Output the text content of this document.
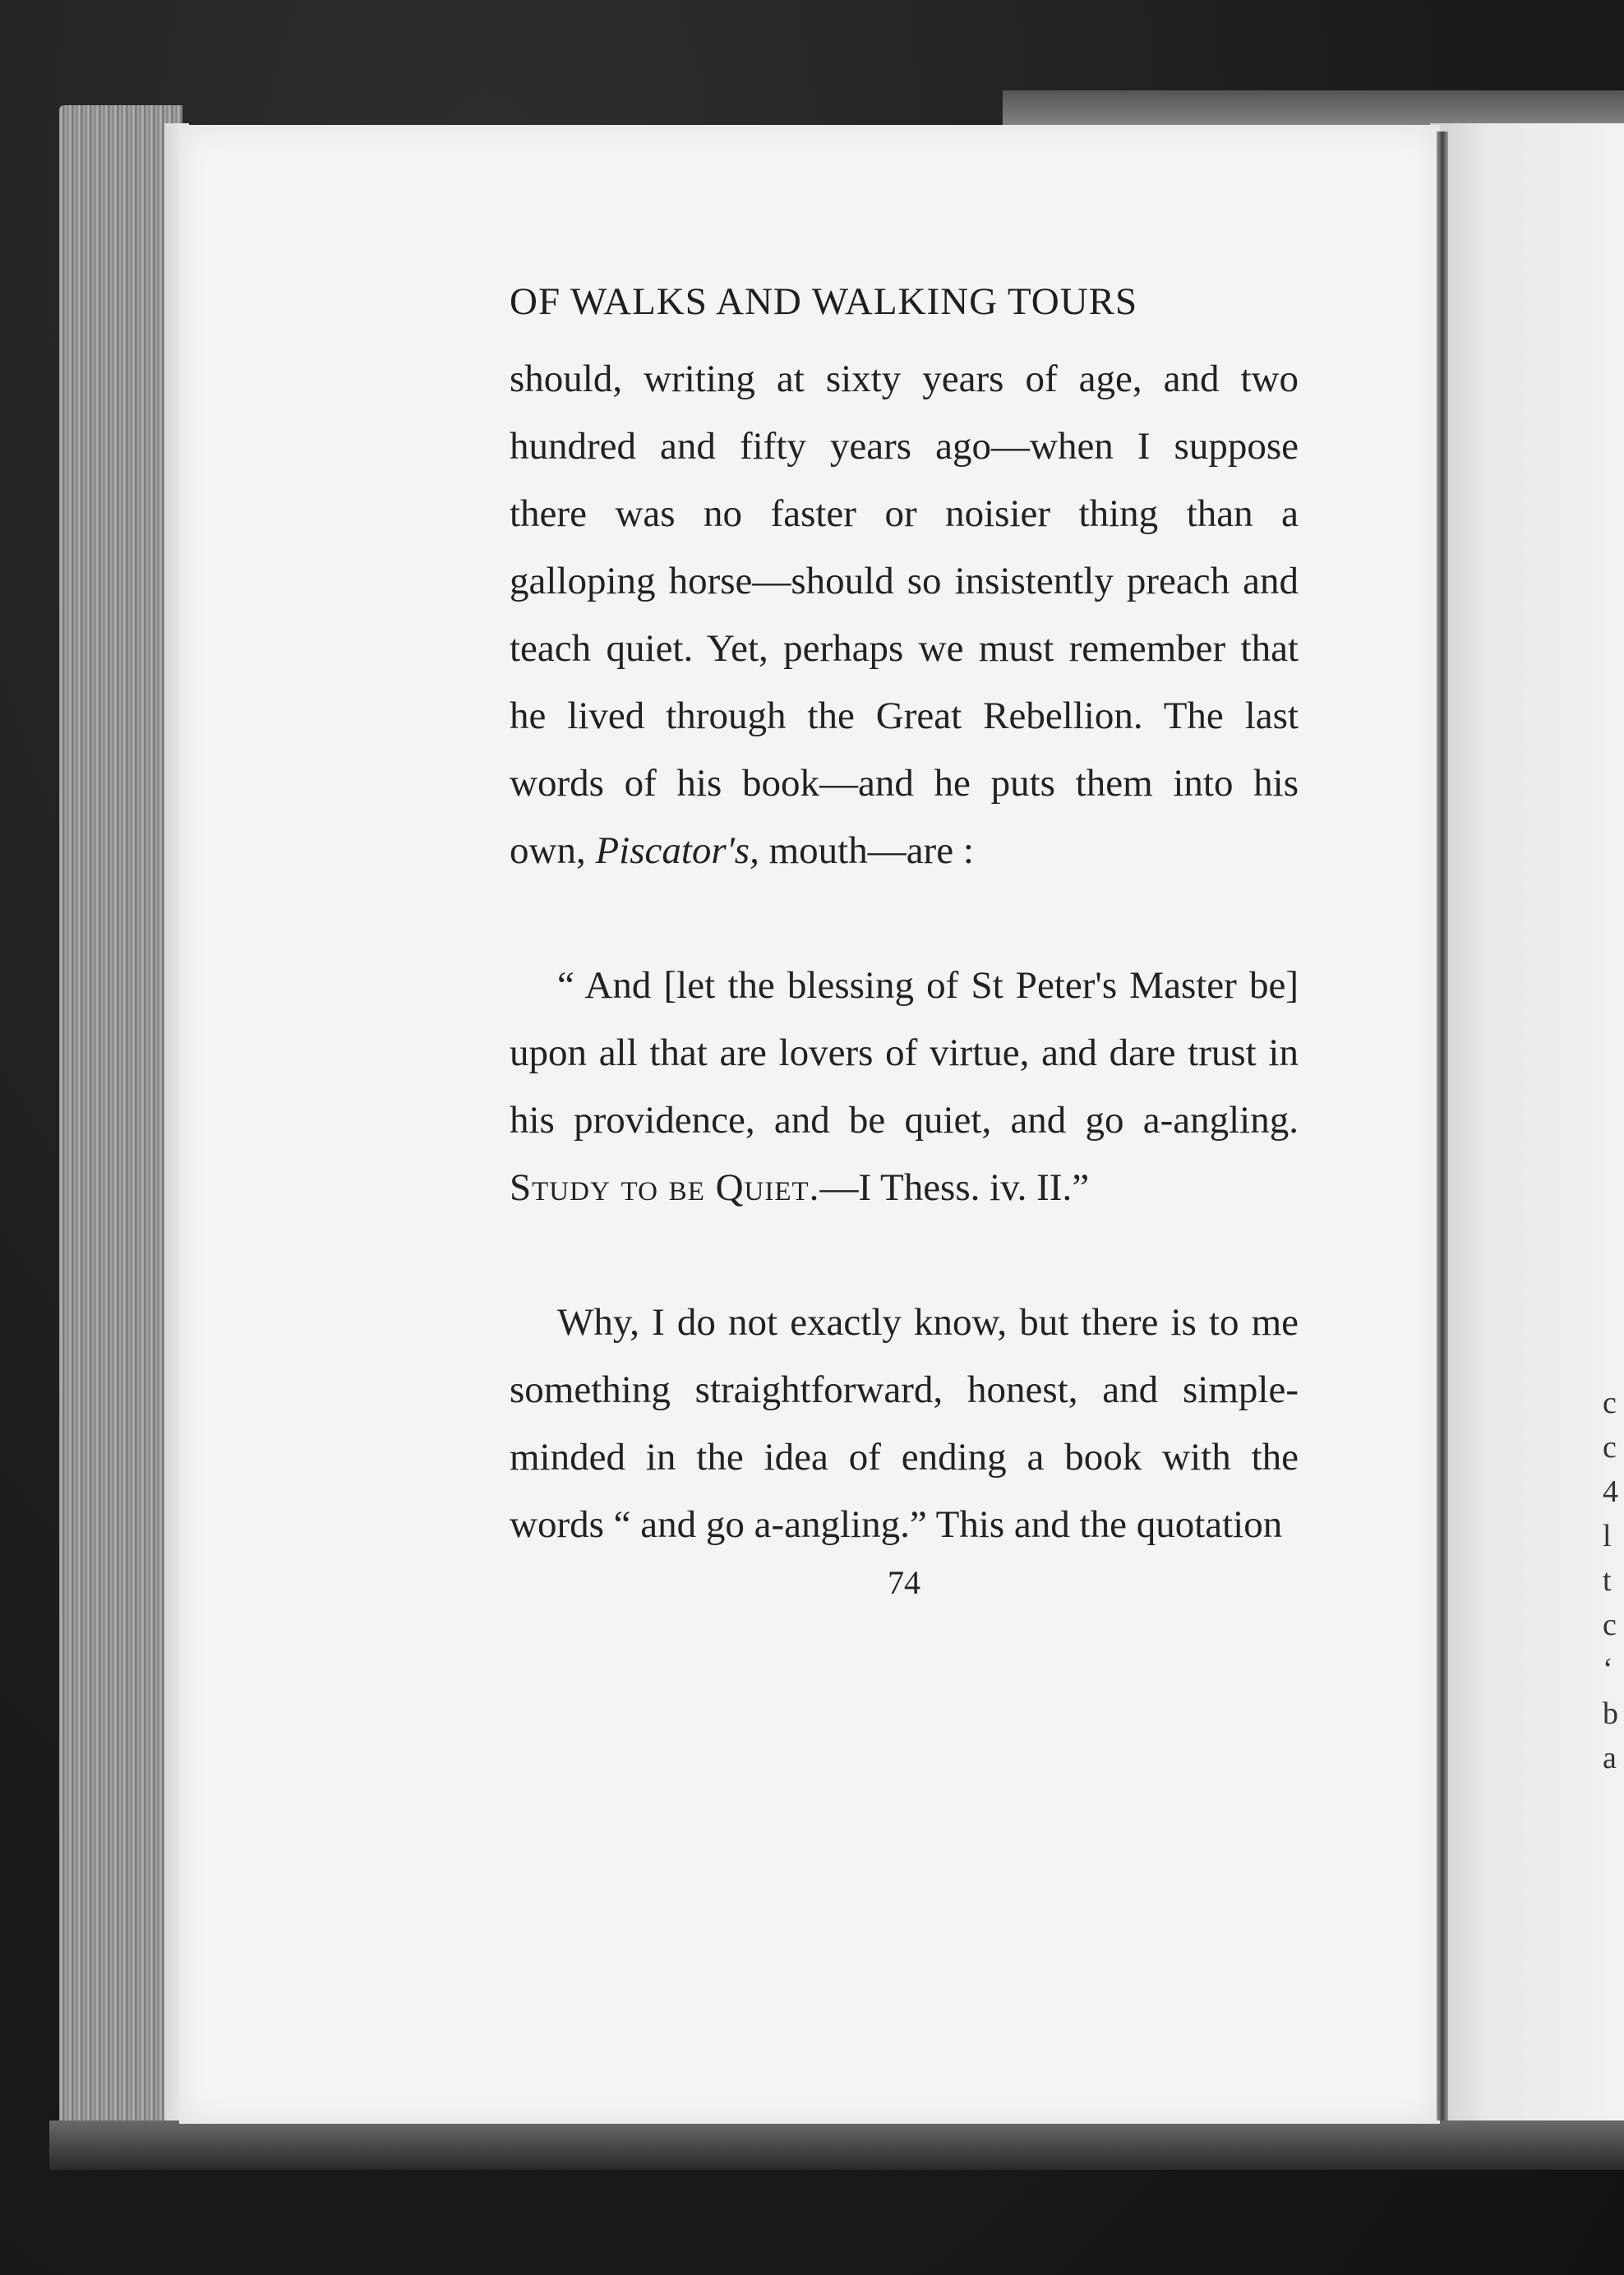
c
c
4
l
t
c
‘
b
a
OF WALKS AND WALKING TOURS

should, writing at sixty years of age, and two hundred and fifty years ago—when I suppose there was no faster or noisier thing than a galloping horse—should so insistently preach and teach quiet. Yet, perhaps we must remember that he lived through the Great Rebellion. The last words of his book—and he puts them into his own, Piscator's, mouth—are :

“ And [let the blessing of St Peter's Master be] upon all that are lovers of virtue, and dare trust in his providence, and be quiet, and go a-angling. Study to be Quiet.—I Thess. iv. II.”

Why, I do not exactly know, but there is to me something straightforward, honest, and simple-minded in the idea of ending a book with the words “ and go a-angling.” This and the quotation

74
